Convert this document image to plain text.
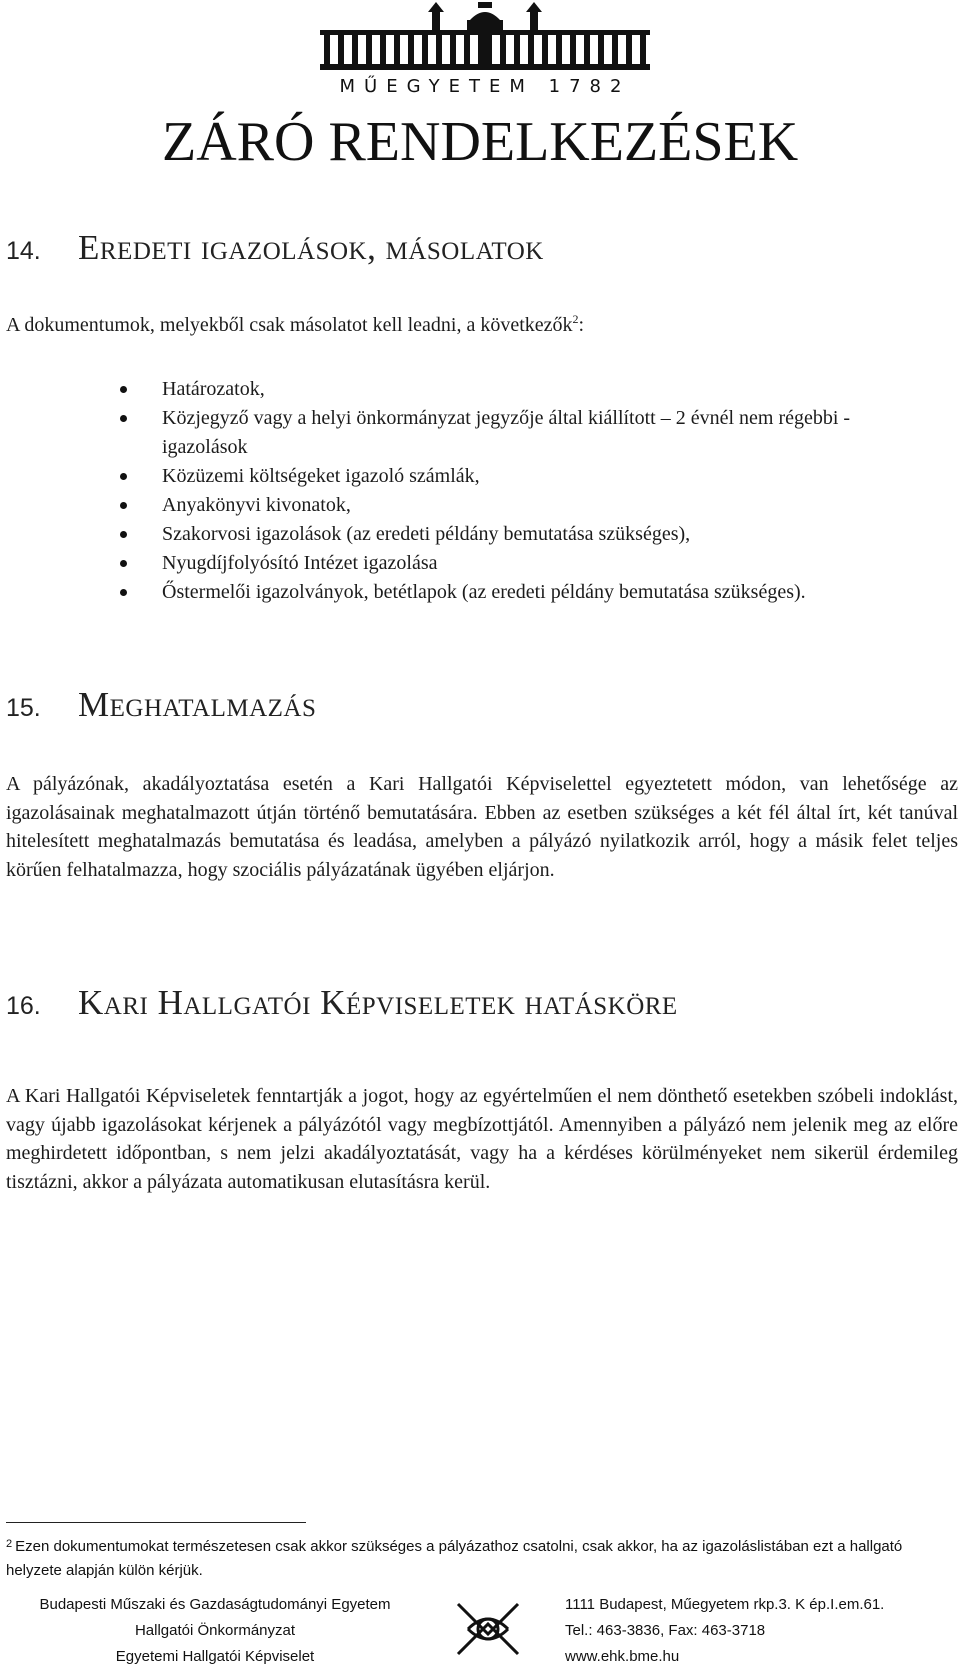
MŰEGYETEM 1782
ZÁRÓ RENDELKEZÉSEK
14. Eredeti igazolások, másolatok

A dokumentumok, melyekből csak másolatot kell leadni, a következők$^2$:

Határozatok,
Közjegyző vagy a helyi önkormányzat jegyzője által kiállított – 2 évnél nem régebbi - igazolások
Közüzemi költségeket igazoló számlák,
Anyakönyvi kivonatok,
Szakorvosi igazolások (az eredeti példány bemutatása szükséges),
Nyugdíjfolyósító Intézet igazolása
Őstermelői igazolványok, betétlapok (az eredeti példány bemutatása szükséges).
15. Meghatalmazás

A pályázónak, akadályoztatása esetén a Kari Hallgatói Képviselettel egyeztetett módon, van lehetősége az igazolásainak meghatalmazott útján történő bemutatására. Ebben az esetben szükséges a két fél által írt, két tanúval hitelesített meghatalmazás bemutatása és leadása, amelyben a pályázó nyilatkozik arról, hogy a másik felet teljes körűen felhatalmazza, hogy szociális pályázatának ügyében eljárjon.

16. Kari Hallgatói Képviseletek hatásköre

A Kari Hallgatói Képviseletek fenntartják a jogot, hogy az egyértelműen el nem dönthető esetekben szóbeli indoklást, vagy újabb igazolásokat kérjenek a pályázótól vagy megbízottjától. Amennyiben a pályázó nem jelenik meg az előre meghirdetett időpontban, s nem jelzi akadályoztatását, vagy ha a kérdéses körülményeket nem sikerül érdemileg tisztázni, akkor a pályázata automatikusan elutasításra kerül.

$^2$ Ezen dokumentumokat természetesen csak akkor szükséges a pályázathoz csatolni, csak akkor, ha az igazoláslistában ezt a hallgató helyzete alapján külön kérjük.

Budapesti Műszaki és Gazdaságtudományi Egyetem
Hallgatói Önkormányzat
Egyetemi Hallgatói Képviselet
1111 Budapest, Műegyetem rkp.3. K ép.I.em.61.
Tel.: 463-3836, Fax: 463-3718
www.ehk.bme.hu
